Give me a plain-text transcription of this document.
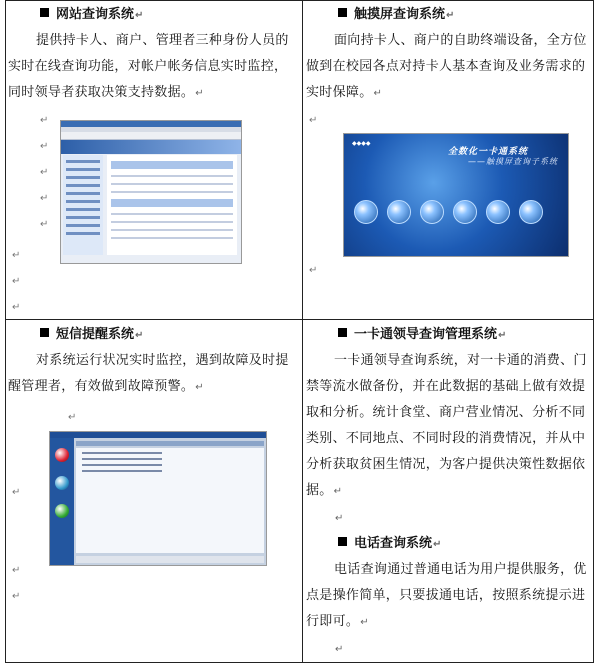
网站查询系统↵
提供持卡人、商户、管理者三种身份人员的实时在线查询功能，对帐户帐务信息实时监控，同时领导者获取决策支持数据。↵
↵
↵
↵
↵
↵
↵
↵
↵
触摸屏查询系统↵
面向持卡人、商户的自助终端设备，全方位做到在校园各点对持卡人基本查询及业务需求的实时保障。↵
↵
↵
◆◆◆◆
全数化一卡通系统
——触摸屏查询子系统
短信提醒系统↵
对系统运行状况实时监控，遇到故障及时提醒管理者，有效做到故障预警。↵
↵
↵
↵
↵
一卡通领导查询管理系统↵
一卡通领导查询系统，对一卡通的消费、门禁等流水做备份，并在此数据的基础上做有效提取和分析。统计食堂、商户营业情况、分析不同类别、不同地点、不同时段的消费情况，并从中分析获取贫困生情况，为客户提供决策性数据依据。↵
↵
电话查询系统↵
电话查询通过普通电话为用户提供服务，优点是操作简单，只要拔通电话，按照系统提示进行即可。↵
↵
